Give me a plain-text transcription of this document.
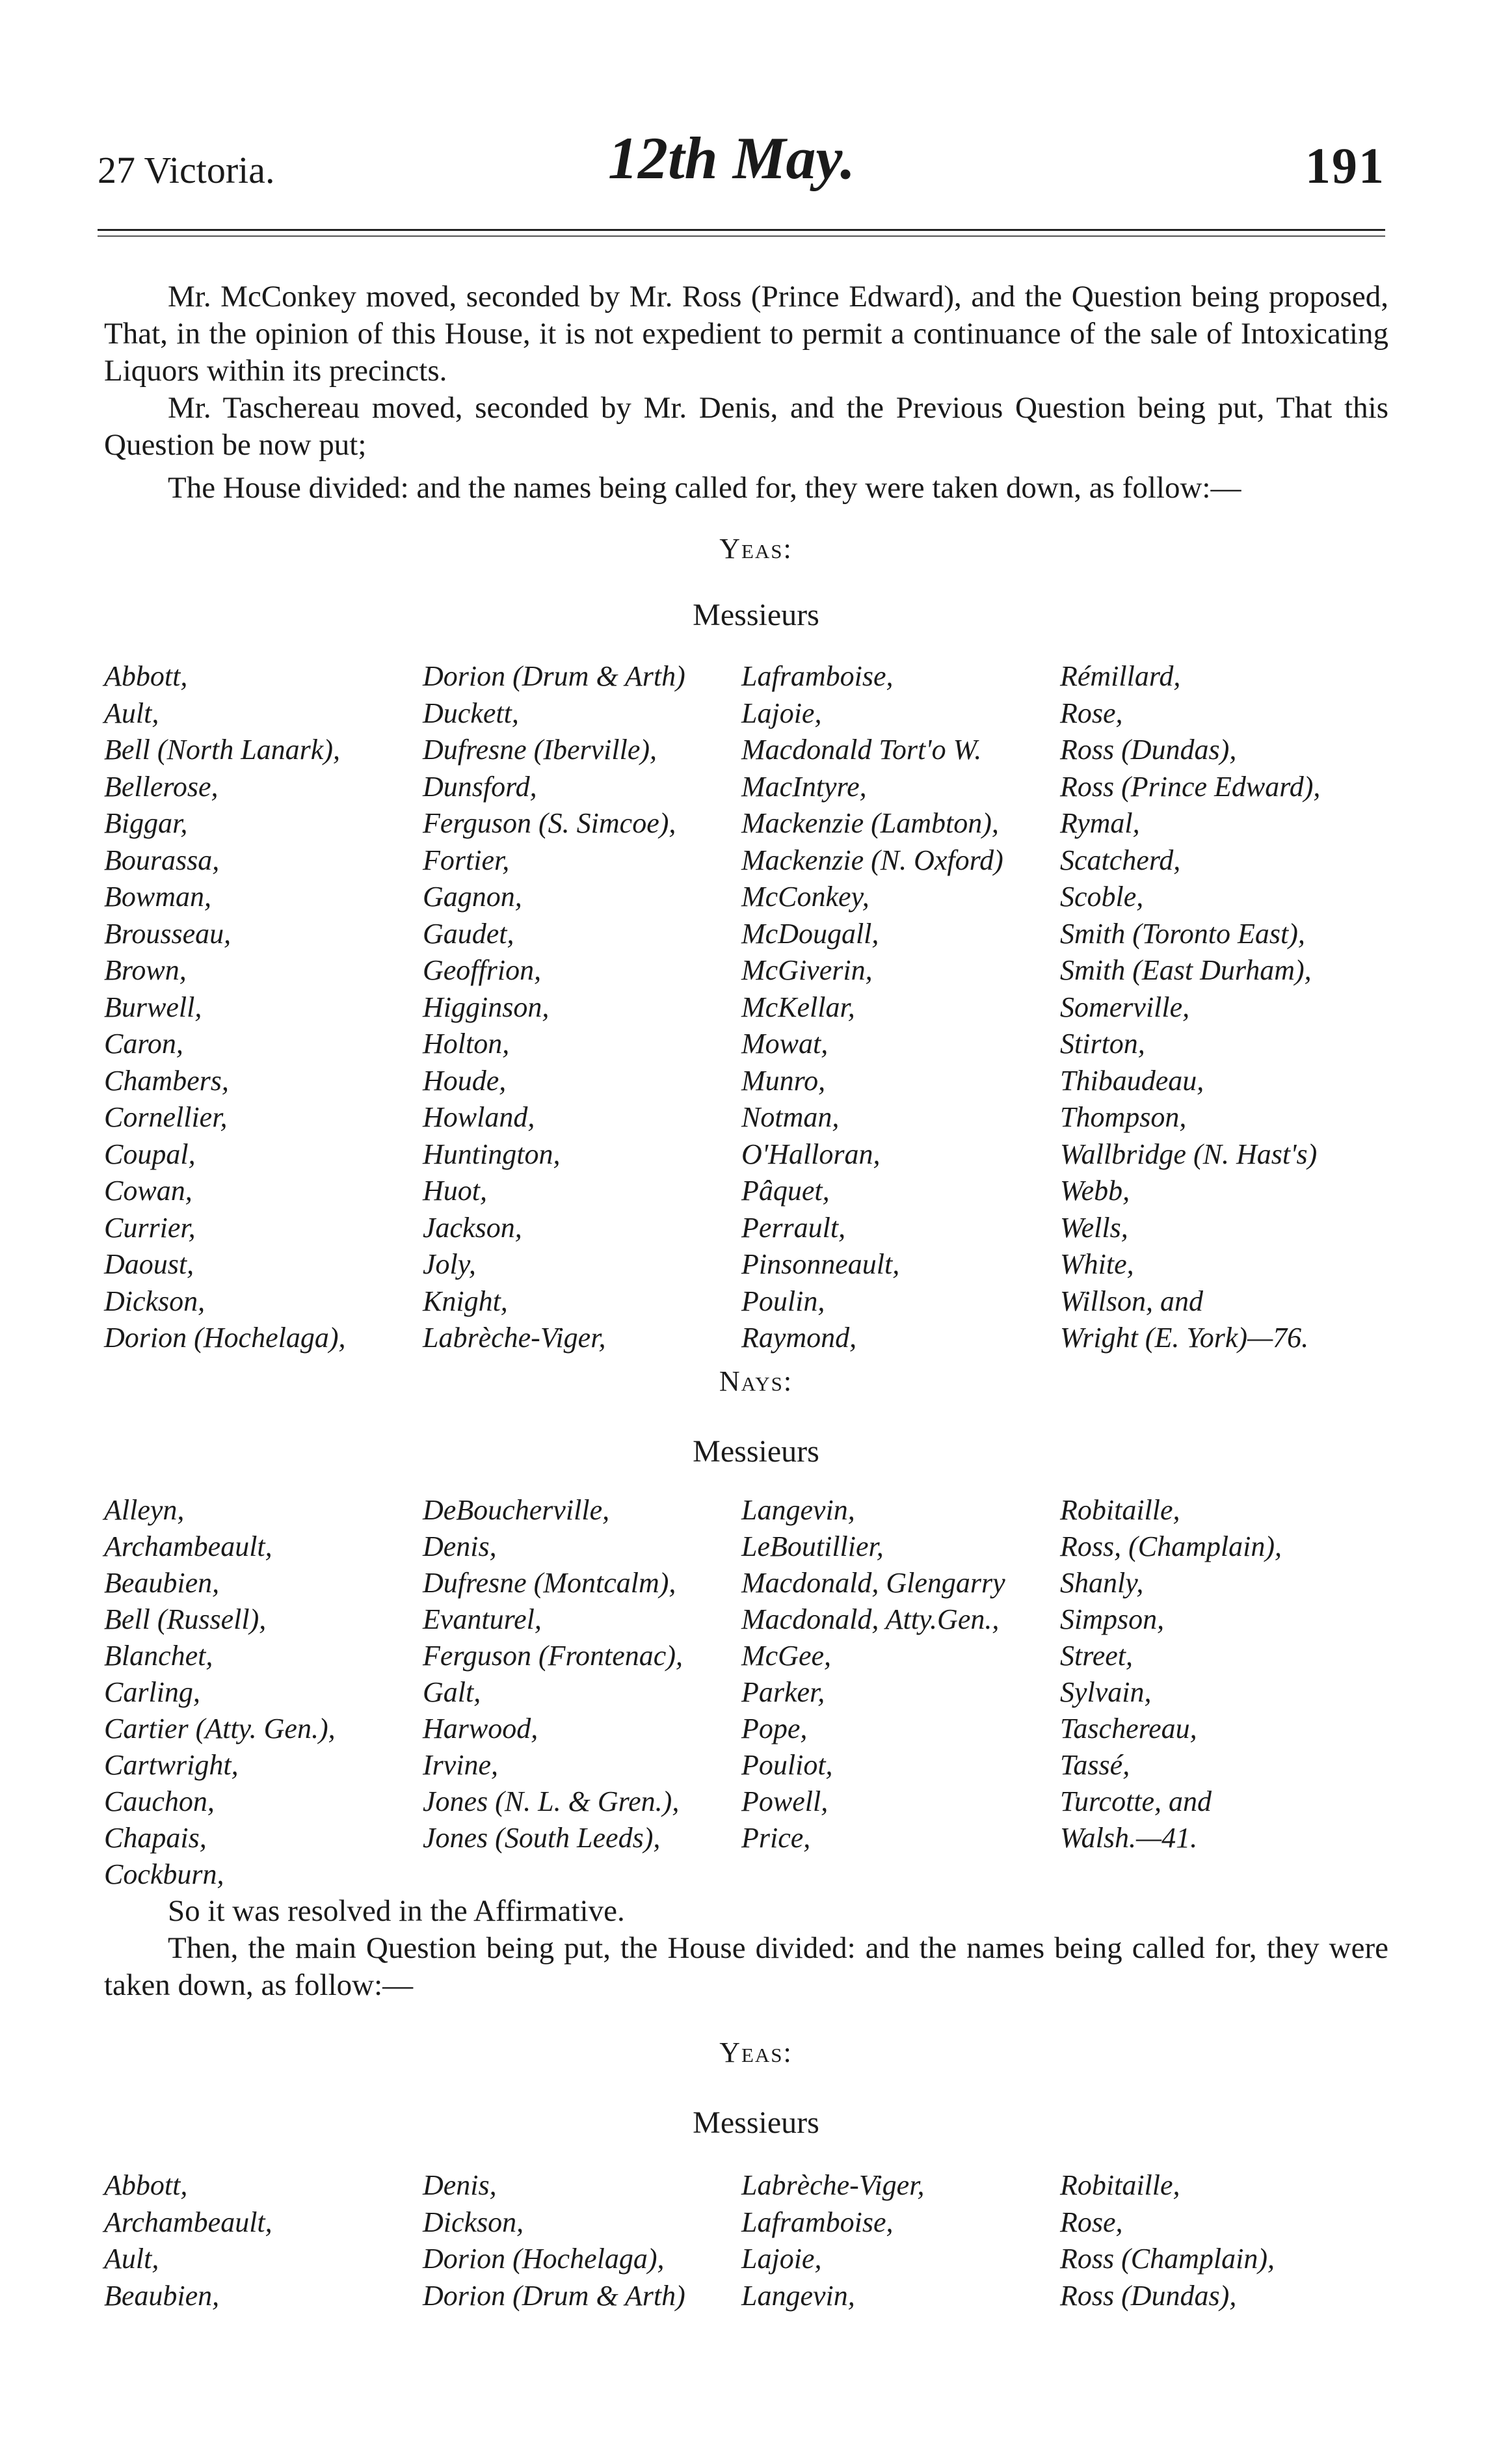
27 Victoria.	12th May.	191
Mr. McConkey moved, seconded by Mr. Ross (Prince Edward), and the Question being proposed, That, in the opinion of this House, it is not expedient to permit a continuance of the sale of Intoxicating Liquors within its precincts.
Mr. Taschereau moved, seconded by Mr. Denis, and the Previous Question being put, That this Question be now put;
The House divided: and the names being called for, they were taken down, as follow:—
Yeas:
Messieurs
Abbott,
Ault,
Bell (North Lanark),
Bellerose,
Biggar,
Bourassa,
Bowman,
Brousseau,
Brown,
Burwell,
Caron,
Chambers,
Cornellier,
Coupal,
Cowan,
Currier,
Daoust,
Dickson,
Dorion (Hochelaga),
Dorion (Drum & Arth)
Duckett,
Dufresne (Iberville),
Dunsford,
Ferguson (S. Simcoe),
Fortier,
Gagnon,
Gaudet,
Geoffrion,
Higginson,
Holton,
Houde,
Howland,
Huntington,
Huot,
Jackson,
Joly,
Knight,
Labrèche-Viger,
Laframboise,
Lajoie,
Macdonald Tort'o W.
MacIntyre,
Mackenzie (Lambton),
Mackenzie (N. Oxford)
McConkey,
McDougall,
McGiverin,
McKellar,
Mowat,
Munro,
Notman,
O'Halloran,
Pâquet,
Perrault,
Pinsonneault,
Poulin,
Raymond,
Rémillard,
Rose,
Ross (Dundas),
Ross (Prince Edward),
Rymal,
Scatcherd,
Scoble,
Smith (Toronto East),
Smith (East Durham),
Somerville,
Stirton,
Thibaudeau,
Thompson,
Wallbridge (N. Hast's)
Webb,
Wells,
White,
Willson, and
Wright (E. York)—76.
Nays:
Messieurs
Alleyn,
Archambeault,
Beaubien,
Bell (Russell),
Blanchet,
Carling,
Cartier (Atty. Gen.),
Cartwright,
Cauchon,
Chapais,
Cockburn,
DeBoucherville,
Denis,
Dufresne (Montcalm),
Evanturel,
Ferguson (Frontenac),
Galt,
Harwood,
Irvine,
Jones (N. L. & Gren.),
Jones (South Leeds),
Langevin,
LeBoutillier,
Macdonald, Glengarry
Macdonald, Atty.Gen.,
McGee,
Parker,
Pope,
Pouliot,
Powell,
Price,
Robitaille,
Ross, (Champlain),
Shanly,
Simpson,
Street,
Sylvain,
Taschereau,
Tassé,
Turcotte, and
Walsh.—41.
So it was resolved in the Affirmative.
Then, the main Question being put, the House divided: and the names being called for, they were taken down, as follow:—
Yeas:
Messieurs
Abbott,
Archambeault,
Ault,
Beaubien,
Denis,
Dickson,
Dorion (Hochelaga),
Dorion (Drum & Arth)
Labrèche-Viger,
Laframboise,
Lajoie,
Langevin,
Robitaille,
Rose,
Ross (Champlain),
Ross (Dundas),
